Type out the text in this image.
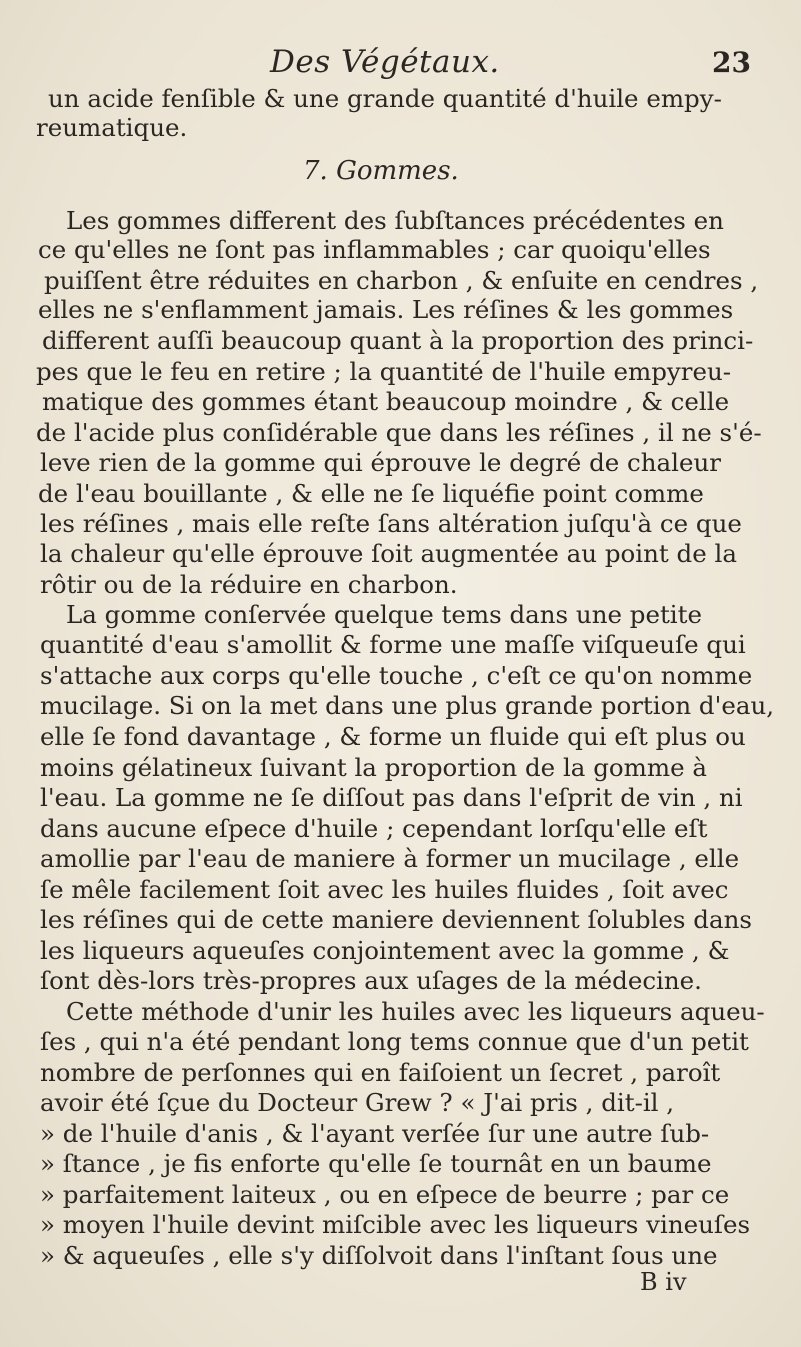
Des Végétaux.	23
un acide fenſible & une grande quantité d'huile empy-
reumatique.
7. Gommes.
Les gommes different des ſubſtances précédentes en
ce qu'elles ne ſont pas inflammables ; car quoiqu'elles
puiſſent être réduites en charbon , & enſuite en cendres ,
elles ne s'enflamment jamais. Les réſines & les gommes
different auſſi beaucoup quant à la proportion des princi-
pes que le feu en retire ; la quantité de l'huile empyreu-
matique des gommes étant beaucoup moindre , & celle
de l'acide plus conſidérable que dans les réſines , il ne s'é-
leve rien de la gomme qui éprouve le degré de chaleur
de l'eau bouillante , & elle ne ſe liquéfie point comme
les réſines , mais elle reſte ſans altération juſqu'à ce que
la chaleur qu'elle éprouve ſoit augmentée au point de la
rôtir ou de la réduire en charbon.
La gomme conſervée quelque tems dans une petite
quantité d'eau s'amollit & forme une maſſe viſqueuſe qui
s'attache aux corps qu'elle touche , c'eſt ce qu'on nomme
mucilage. Si on la met dans une plus grande portion d'eau,
elle ſe fond davantage , & forme un fluide qui eſt plus ou
moins gélatineux ſuivant la proportion de la gomme à
l'eau. La gomme ne ſe diſſout pas dans l'eſprit de vin , ni
dans aucune eſpece d'huile ; cependant lorſqu'elle eſt
amollie par l'eau de maniere à former un mucilage , elle
ſe mêle facilement ſoit avec les huiles fluides , ſoit avec
les réſines qui de cette maniere deviennent ſolubles dans
les liqueurs aqueuſes conjointement avec la gomme , &
ſont dès-lors très-propres aux uſages de la médecine.
Cette méthode d'unir les huiles avec les liqueurs aqueu-
ſes , qui n'a été pendant long tems connue que d'un petit
nombre de perſonnes qui en faiſoient un ſecret , paroît
avoir été ſçue du Docteur Grew ? « J'ai pris , dit-il ,
» de l'huile d'anis , & l'ayant verſée ſur une autre ſub-
» ſtance , je fis enforte qu'elle ſe tournât en un baume
» parfaitement laiteux , ou en eſpece de beurre ; par ce
» moyen l'huile devint miſcible avec les liqueurs vineuſes
» & aqueuſes , elle s'y diſſolvoit dans l'inſtant ſous une
B iv
